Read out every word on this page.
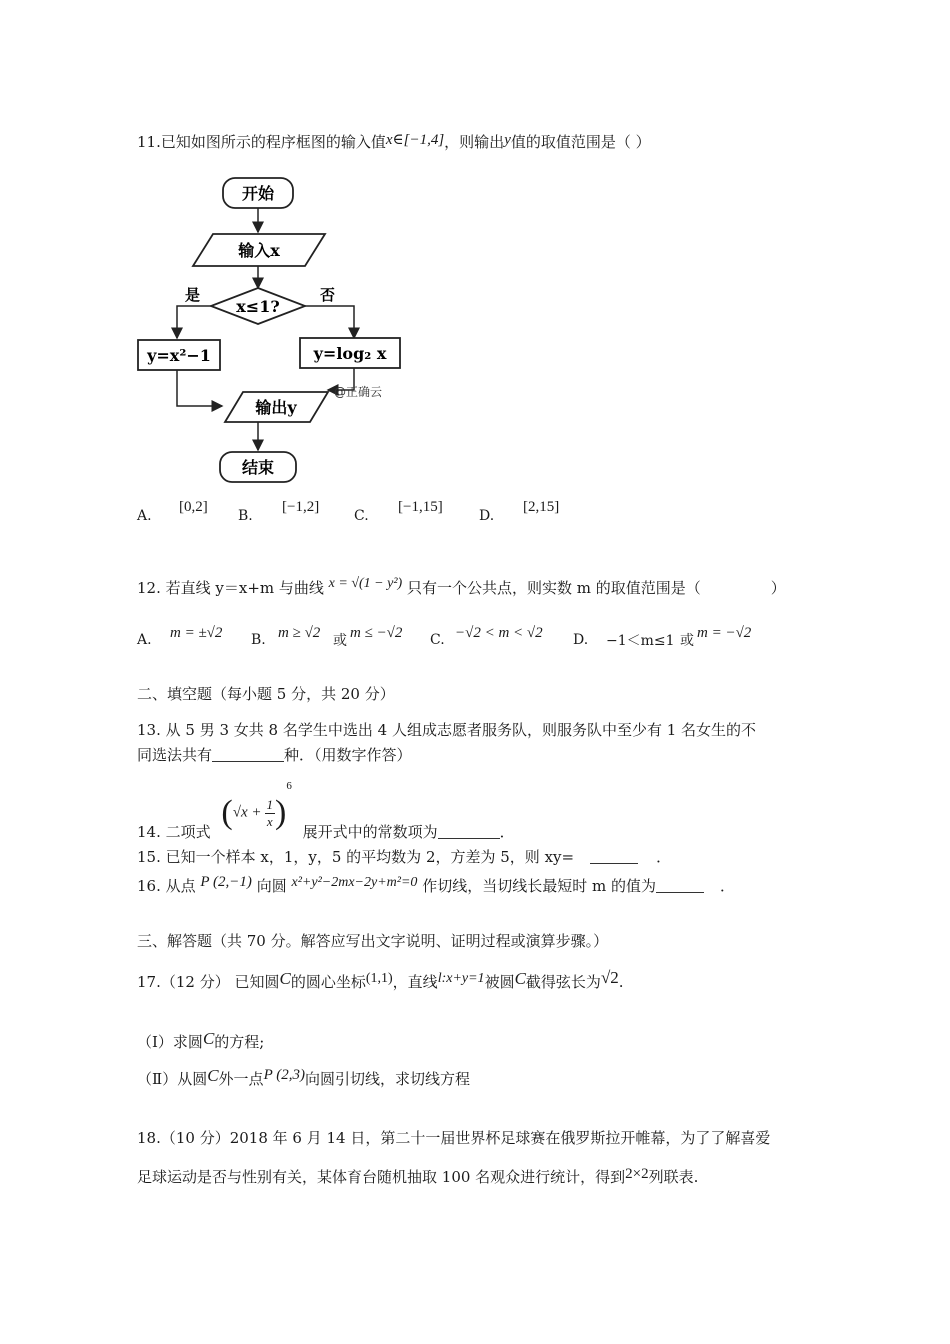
11.已知如图所示的程序框图的输入值x∈[−1,4]，则输出y值的取值范围是（ ）
开始
输入x
x≤1?
是	否
y=x²−1	y=log₂ x
@正确云
输出y
结束
A.
[0,2]
B.
[−1,2]
C.
[−1,15]
D.
[2,15]
12. 若直线 y＝x+m 与曲线 x = √(1 − y²) 只有一个公共点，则实数 m 的取值范围是（	）
A. m = ±√2 B. m ≥ √2 或 m ≤ −√2 C. −√2 < m < √2 D. −1＜m≤1 或 m = −√2
二、填空题（每小题 5 分，共 20 分）
13. 从 5 男 3 女共 8 名学生中选出 4 人组成志愿者服务队，则服务队中至少有 1 名女生的不
同选法共有	种．（用数字作答）
14. 二项式 $(√x + \frac{1}{x} )^6$ 展开式中的常数项为	．
15. 已知一个样本 x，1，y，5 的平均数为 2，方差为 5，则 xy=	．
16. 从点 P (2,−1) 向圆 x²+y²−2mx−2y+m²=0 作切线，当切线长最短时 m 的值为	．
三、解答题（共 70 分。解答应写出文字说明、证明过程或演算步骤。）
17.（12 分） 已知圆C的圆心坐标(1,1)，直线l:x+y=1被圆C截得弦长为√2.
（Ⅰ）求圆C的方程;
（Ⅱ）从圆C外一点P (2,3)向圆引切线，求切线方程
18.（10 分）2018 年 6 月 14 日，第二十一届世界杯足球赛在俄罗斯拉开帷幕，为了了解喜爱
足球运动是否与性别有关，某体育台随机抽取 100 名观众进行统计，得到2×2列联表.
